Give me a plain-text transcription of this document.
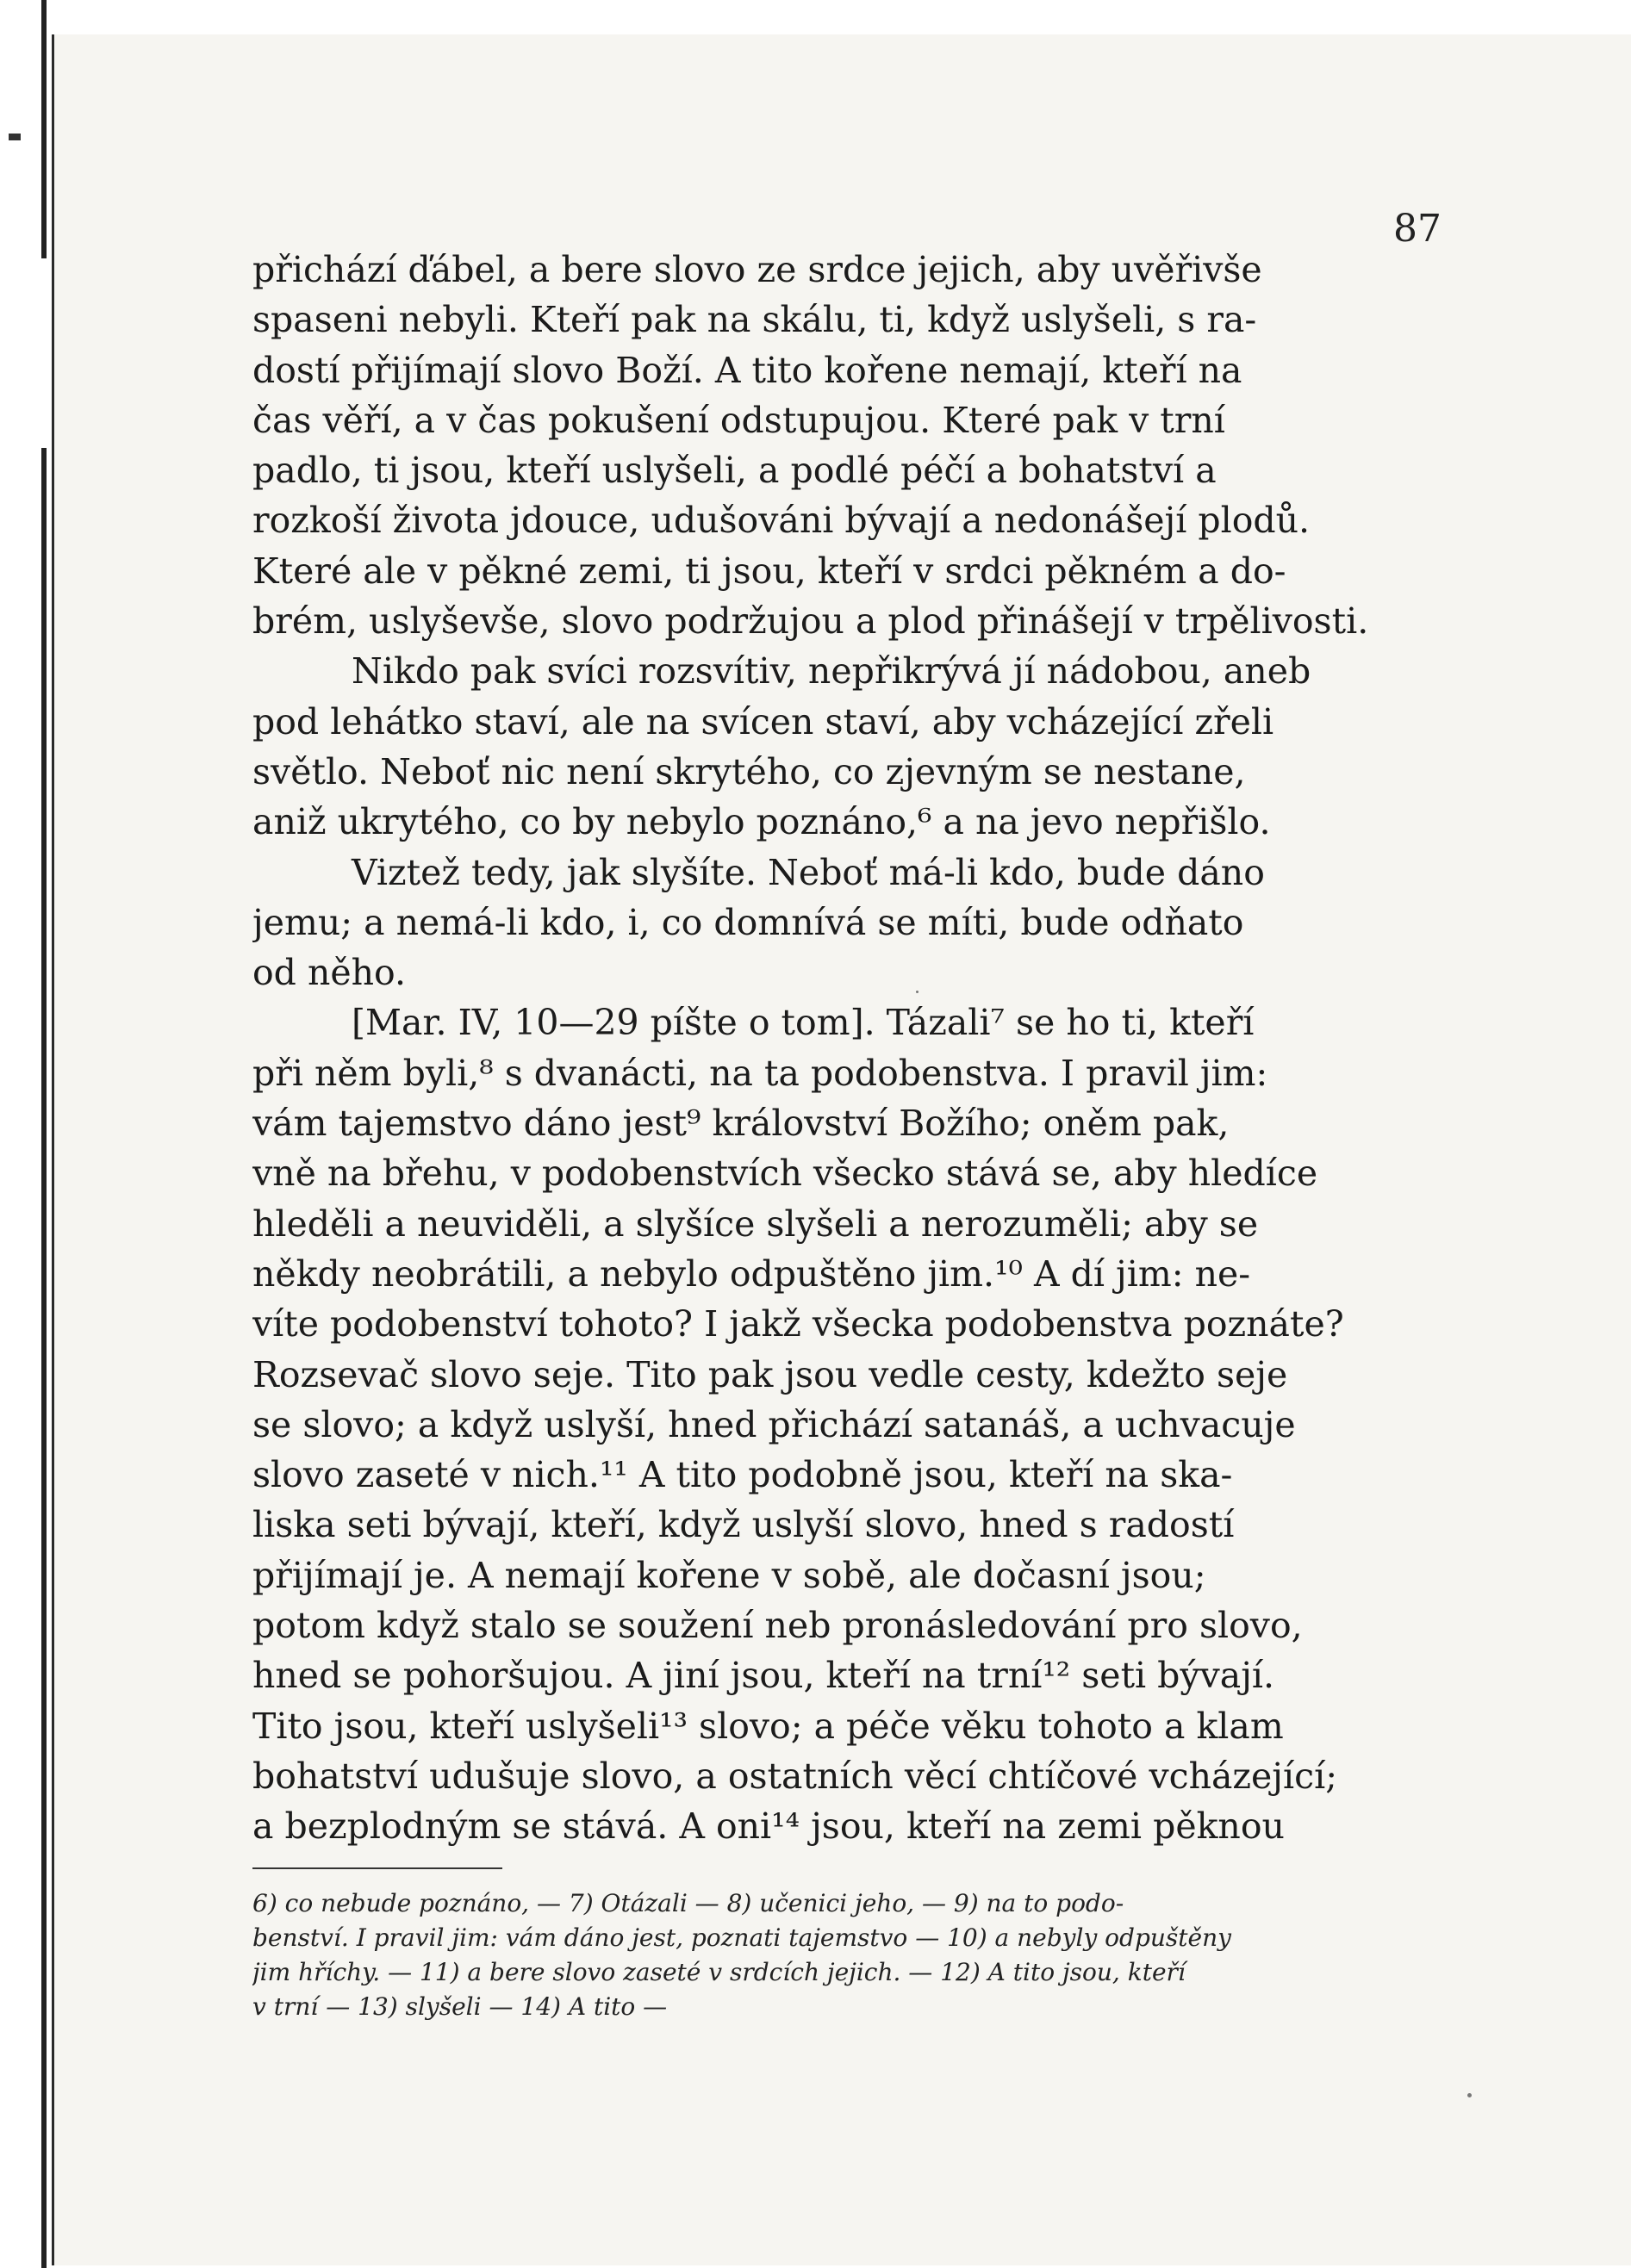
87
přichází ďábel, a bere slovo ze srdce jejich, aby uvěřivše
spaseni nebyli. Kteří pak na skálu, ti, když uslyšeli, s ra-
dostí přijímají slovo Boží. A tito kořene nemají, kteří na
čas věří, a v čas pokušení odstupujou. Které pak v trní
padlo, ti jsou, kteří uslyšeli, a podlé péčí a bohatství a
rozkoší života jdouce, udušováni bývají a nedonášejí plodů.
Které ale v pěkné zemi, ti jsou, kteří v srdci pěkném a do-
brém, uslyševše, slovo podržujou a plod přinášejí v trpělivosti.
Nikdo pak svíci rozsvítiv, nepřikrývá jí nádobou, aneb
pod lehátko staví, ale na svícen staví, aby vcházející zřeli
světlo. Neboť nic není skrytého, co zjevným se nestane,
aniž ukrytého, co by nebylo poznáno,⁶ a na jevo nepřišlo.
Viztež tedy, jak slyšíte. Neboť má-li kdo, bude dáno
jemu; a nemá-li kdo, i, co domnívá se míti, bude odňato
od něho.
[Mar. IV, 10—29 píšte o tom]. Tázali⁷ se ho ti, kteří
při něm byli,⁸ s dvanácti, na ta podobenstva. I pravil jim:
vám tajemstvo dáno jest⁹ království Božího; oněm pak,
vně na břehu, v podobenstvích všecko stává se, aby hledíce
hleděli a neuviděli, a slyšíce slyšeli a nerozuměli; aby se
někdy neobrátili, a nebylo odpuštěno jim.¹⁰ A dí jim: ne-
víte podobenství tohoto? I jakž všecka podobenstva poznáte?
Rozsevač slovo seje. Tito pak jsou vedle cesty, kdežto seje
se slovo; a když uslyší, hned přichází satanáš, a uchvacuje
slovo zaseté v nich.¹¹ A tito podobně jsou, kteří na ska-
liska seti bývají, kteří, když uslyší slovo, hned s radostí
přijímají je. A nemají kořene v sobě, ale dočasní jsou;
potom když stalo se soužení neb pronásledování pro slovo,
hned se pohoršujou. A jiní jsou, kteří na trní¹² seti bývají.
Tito jsou, kteří uslyšeli¹³ slovo; a péče věku tohoto a klam
bohatství udušuje slovo, a ostatních věcí chtíčové vcházející;
a bezplodným se stává. A oni¹⁴ jsou, kteří na zemi pěknou
6) co nebude poznáno, — 7) Otázali — 8) učenici jeho, — 9) na to podo-
benství. I pravil jim: vám dáno jest, poznati tajemstvo — 10) a nebyly odpuštěny
jim hříchy. — 11) a bere slovo zaseté v srdcích jejich. — 12) A tito jsou, kteří
v trní — 13) slyšeli — 14) A tito —
